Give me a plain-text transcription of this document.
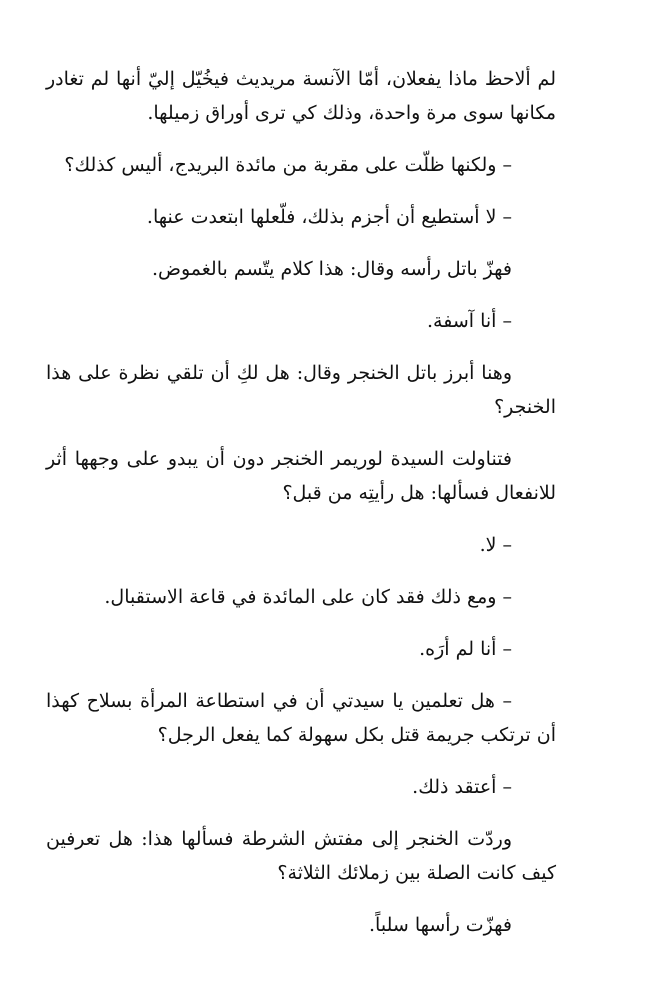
لم ألاحظ ماذا يفعلان، أمّا الآنسة مريديث فيخُيّل إليّ أنها لم تغادر مكانها سوى مرة واحدة، وذلك كي ترى أوراق زميلها.

– ولكنها ظلّت على مقربة من مائدة البريدج، أليس كذلك؟

– لا أستطيع أن أجزم بذلك، فلّعلها ابتعدت عنها.

فهزّ باتل رأسه وقال: هذا كلام يتّسم بالغموض.

– أنا آسفة.

وهنا أبرز باتل الخنجر وقال: هل لكِ أن تلقي نظرة على هذا الخنجر؟

فتناولت السيدة لوريمر الخنجر دون أن يبدو على وجهها أثر للانفعال فسألها: هل رأيتِه من قبل؟

– لا.

– ومع ذلك فقد كان على المائدة في قاعة الاستقبال.

– أنا لم أرَه.

– هل تعلمين يا سيدتي أن في استطاعة المرأة بسلاح كهذا أن ترتكب جريمة قتل بكل سهولة كما يفعل الرجل؟

– أعتقد ذلك.

وردّت الخنجر إلى مفتش الشرطة فسألها هذا: هل تعرفين كيف كانت الصلة بين زملائك الثلاثة؟

فهزّت رأسها سلباً.
